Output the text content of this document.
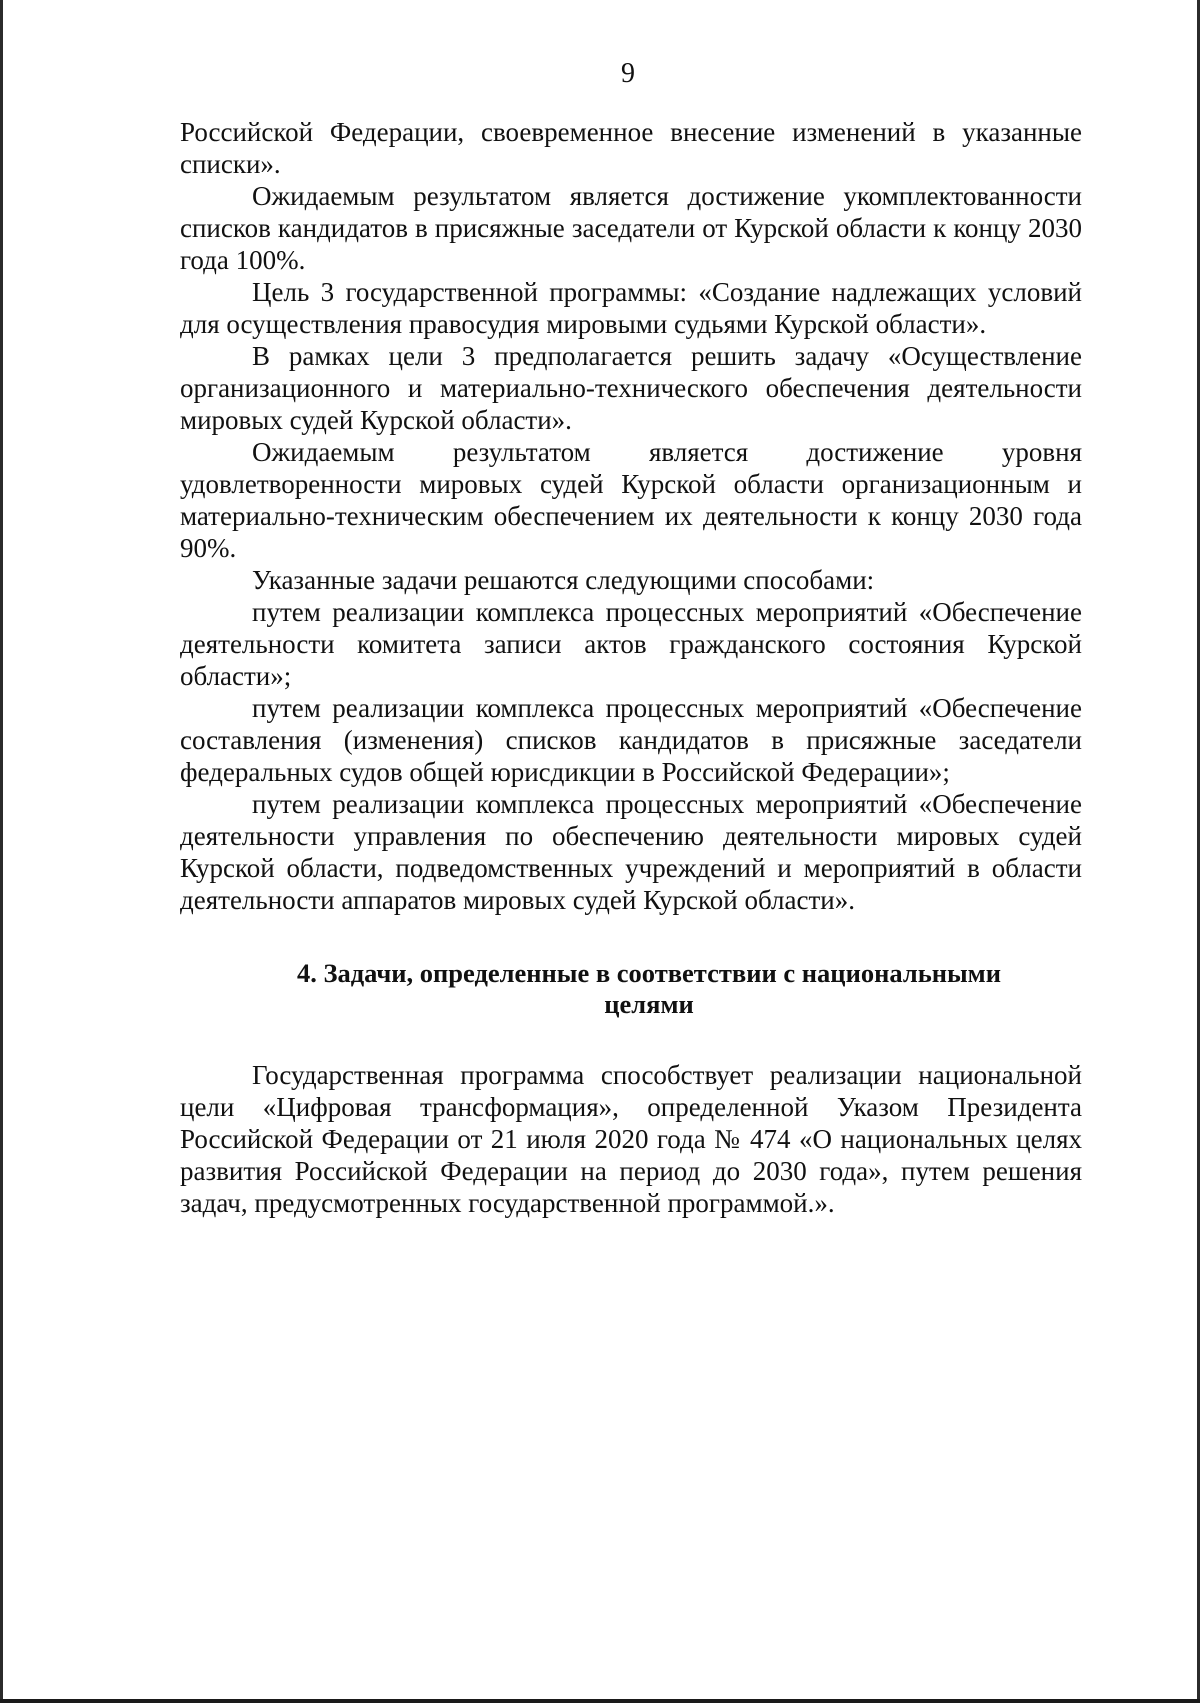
9

Российской Федерации, своевременное внесение изменений в указанные списки».

Ожидаемым результатом является достижение укомплектованности списков кандидатов в присяжные заседатели от Курской области к концу 2030 года 100%.

Цель 3 государственной программы: «Создание надлежащих условий для осуществления правосудия мировыми судьями Курской области».

В рамках цели 3 предполагается решить задачу «Осуществление организационного и материально-технического обеспечения деятельности мировых судей Курской области».

Ожидаемым результатом является достижение уровня удовлетворенности мировых судей Курской области организационным и материально-техническим обеспечением их деятельности к концу 2030 года 90%.

Указанные задачи решаются следующими способами:

путем реализации комплекса процессных мероприятий «Обеспечение деятельности комитета записи актов гражданского состояния Курской области»;

путем реализации комплекса процессных мероприятий «Обеспечение составления (изменения) списков кандидатов в присяжные заседатели федеральных судов общей юрисдикции в Российской Федерации»;

путем реализации комплекса процессных мероприятий «Обеспечение деятельности управления по обеспечению деятельности мировых судей Курской области, подведомственных учреждений и мероприятий в области деятельности аппаратов мировых судей Курской области».

4. Задачи, определенные в соответствии с национальными
целями

Государственная программа способствует реализации национальной цели «Цифровая трансформация», определенной Указом Президента Российской Федерации от 21 июля 2020 года № 474 «О национальных целях развития Российской Федерации на период до 2030 года», путем решения задач, предусмотренных государственной программой.».
